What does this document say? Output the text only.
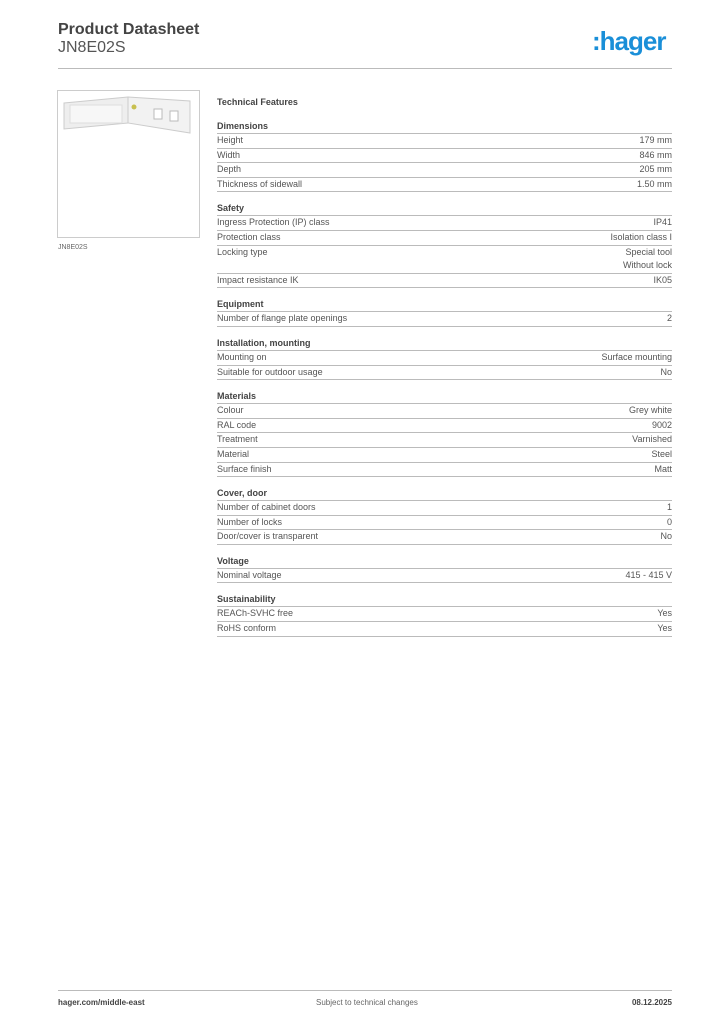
Product Datasheet
JN8E02S	:hager
JN8E02S
Technical Features
Dimensions
Height	179 mm
Width	846 mm
Depth	205 mm
Thickness of sidewall	1.50 mm
Safety
Ingress Protection (IP) class	IP41
Protection class	Isolation class I
Locking type	Special tool
Without lock
Impact resistance IK	IK05
Equipment
Number of flange plate openings	2
Installation, mounting
Mounting on	Surface mounting
Suitable for outdoor usage	No
Materials
Colour	Grey white
RAL code	9002
Treatment	Varnished
Material	Steel
Surface finish	Matt
Cover, door
Number of cabinet doors	1
Number of locks	0
Door/cover is transparent	No
Voltage
Nominal voltage	415 - 415 V
Sustainability
REACh-SVHC free	Yes
RoHS conform	Yes
hager.com/middle-east	Subject to technical changes	08.12.2025
